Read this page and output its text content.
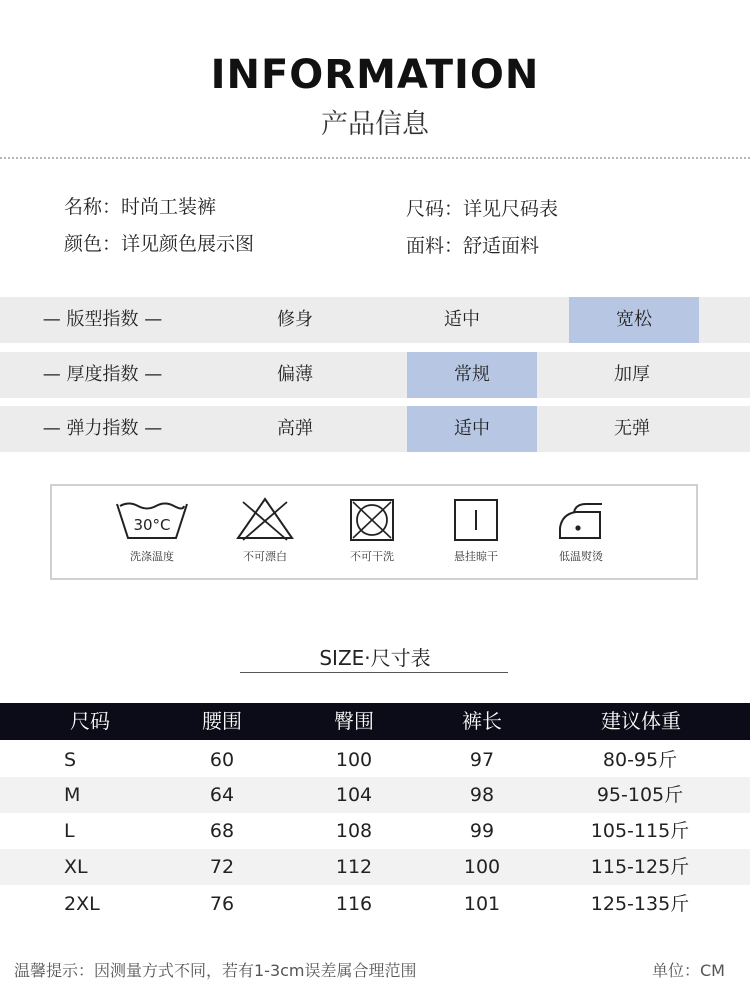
INFORMATION
产品信息
名称：时尚工装裤	尺码：详见尺码表
颜色：详见颜色展示图	面料：舒适面料
— 版型指数 —	修身	适中	宽松
— 厚度指数 —	偏薄	常规	加厚
— 弹力指数 —	高弹	适中	无弹
30°C
洗涤温度	不可漂白	不可干洗	悬挂晾干	低温熨烫
SIZE·尺寸表
尺码	腰围	臀围	裤长	建议体重
S	60	100	97	80-95斤
M	64	104	98	95-105斤
L	68	108	99	105-115斤
XL	72	112	100	115-125斤
2XL	76	116	101	125-135斤
温馨提示：因测量方式不同，若有1-3cm误差属合理范围	单位：CM
